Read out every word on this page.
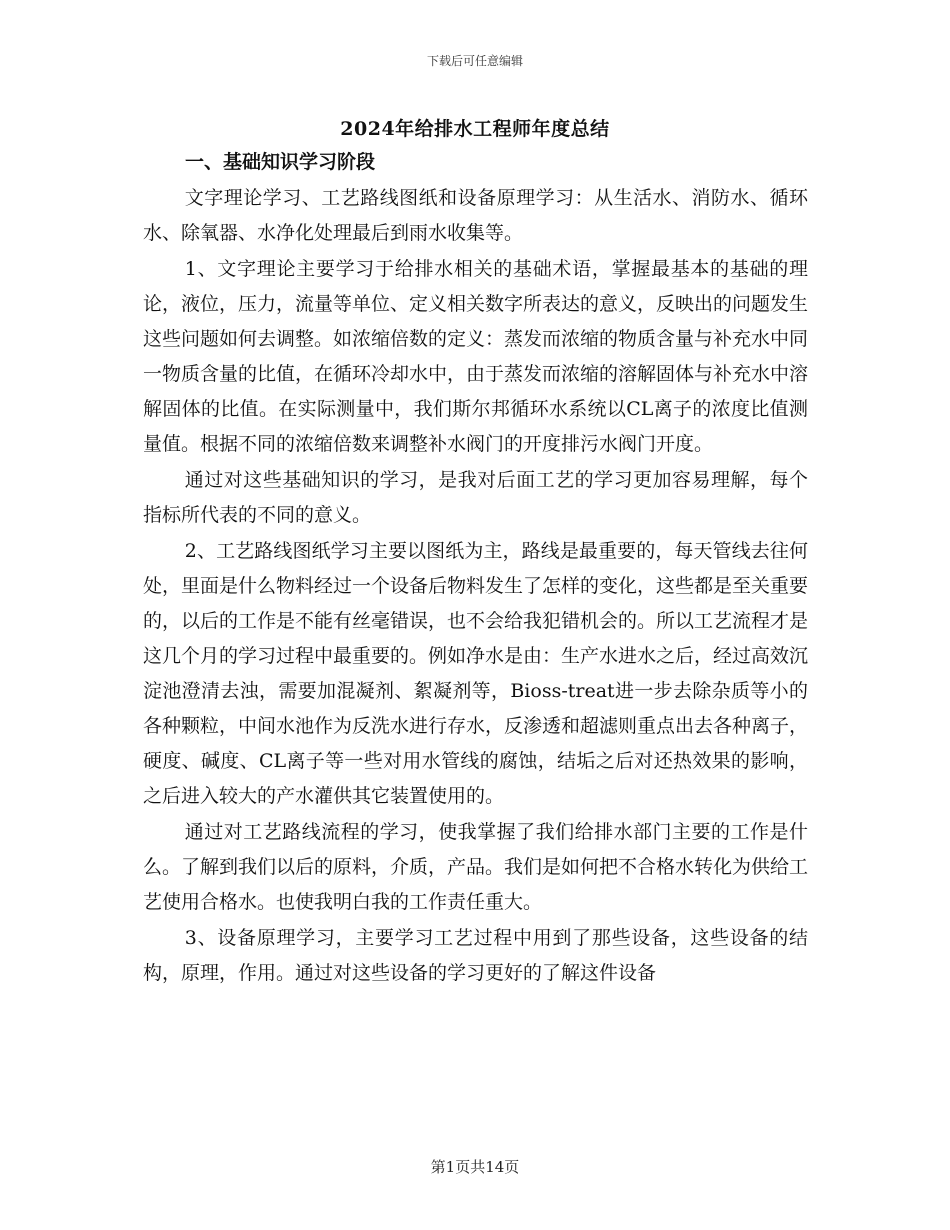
下载后可任意编辑
2024年给排水工程师年度总结
一、基础知识学习阶段

文字理论学习、工艺路线图纸和设备原理学习：从生活水、消防水、循环水、除氧器、水净化处理最后到雨水收集等。

1、文字理论主要学习于给排水相关的基础术语，掌握最基本的基础的理论，液位，压力，流量等单位、定义相关数字所表达的意义，反映出的问题发生这些问题如何去调整。如浓缩倍数的定义：蒸发而浓缩的物质含量与补充水中同一物质含量的比值，在循环冷却水中，由于蒸发而浓缩的溶解固体与补充水中溶解固体的比值。在实际测量中，我们斯尔邦循环水系统以CL离子的浓度比值测量值。根据不同的浓缩倍数来调整补水阀门的开度排污水阀门开度。

通过对这些基础知识的学习，是我对后面工艺的学习更加容易理解，每个指标所代表的不同的意义。

2、工艺路线图纸学习主要以图纸为主，路线是最重要的，每天管线去往何处，里面是什么物料经过一个设备后物料发生了怎样的变化，这些都是至关重要的，以后的工作是不能有丝毫错误，也不会给我犯错机会的。所以工艺流程才是这几个月的学习过程中最重要的。例如净水是由：生产水进水之后，经过高效沉淀池澄清去浊，需要加混凝剂、絮凝剂等，Bioss-treat进一步去除杂质等小的各种颗粒，中间水池作为反洗水进行存水，反渗透和超滤则重点出去各种离子，硬度、碱度、CL离子等一些对用水管线的腐蚀，结垢之后对还热效果的影响，之后进入较大的产水灌供其它装置使用的。

通过对工艺路线流程的学习，使我掌握了我们给排水部门主要的工作是什么。了解到我们以后的原料，介质，产品。我们是如何把不合格水转化为供给工艺使用合格水。也使我明白我的工作责任重大。

3、设备原理学习，主要学习工艺过程中用到了那些设备，这些设备的结构，原理，作用。通过对这些设备的学习更好的了解这件设备

第1页共14页
